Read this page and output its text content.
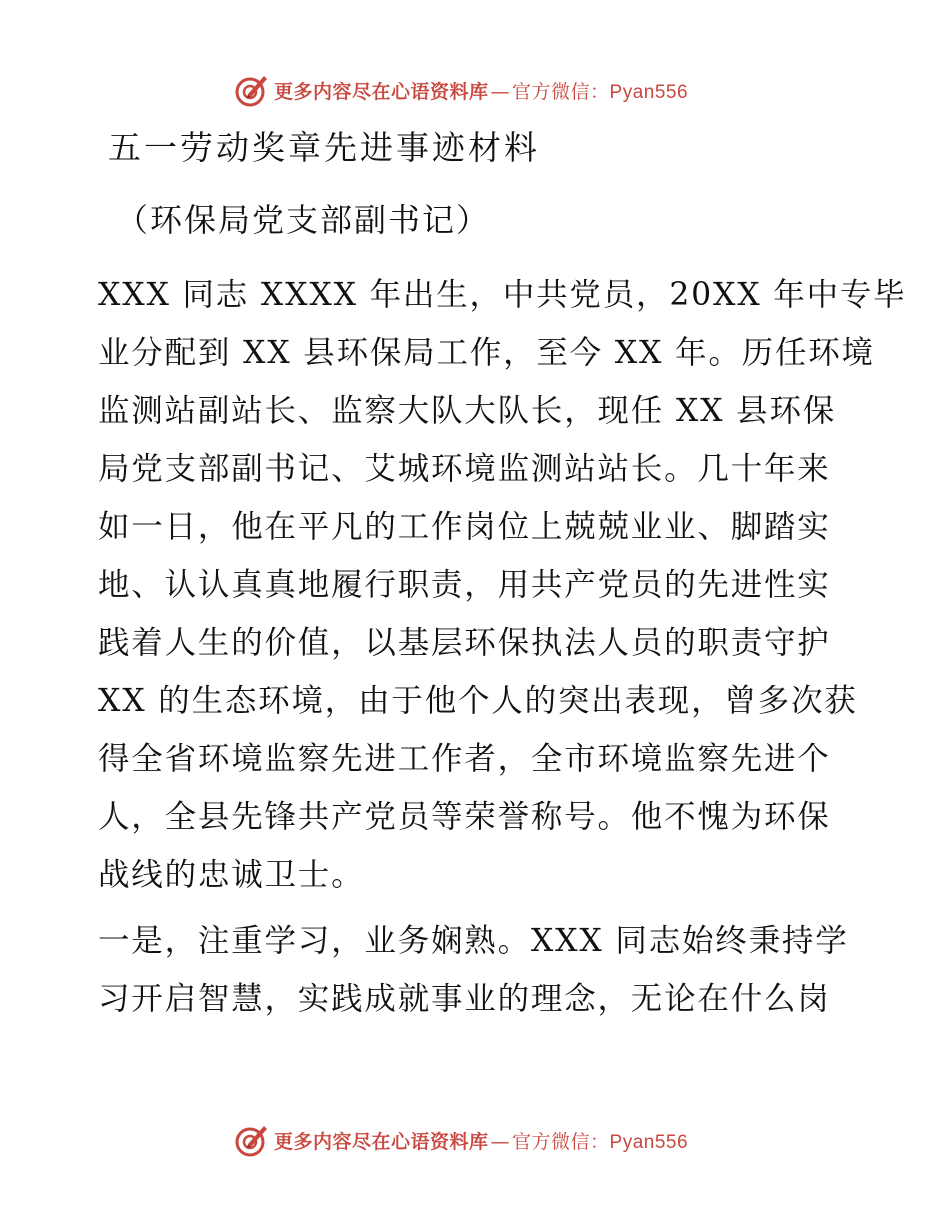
更多内容尽在心语资料库 — 官方微信：Pyan556
五一劳动奖章先进事迹材料
（环保局党支部副书记）
XXX 同志 XXXX 年出生，中共党员，20XX 年中专毕
业分配到 XX 县环保局工作，至今 XX 年。历任环境
监测站副站长、监察大队大队长，现任 XX 县环保
局党支部副书记、艾城环境监测站站长。几十年来
如一日，他在平凡的工作岗位上兢兢业业、脚踏实
地、认认真真地履行职责，用共产党员的先进性实
践着人生的价值，以基层环保执法人员的职责守护
XX 的生态环境，由于他个人的突出表现，曾多次获
得全省环境监察先进工作者，全市环境监察先进个
人，全县先锋共产党员等荣誉称号。他不愧为环保
战线的忠诚卫士。
一是，注重学习，业务娴熟。XXX 同志始终秉持学
习开启智慧，实践成就事业的理念，无论在什么岗
更多内容尽在心语资料库 — 官方微信：Pyan556
